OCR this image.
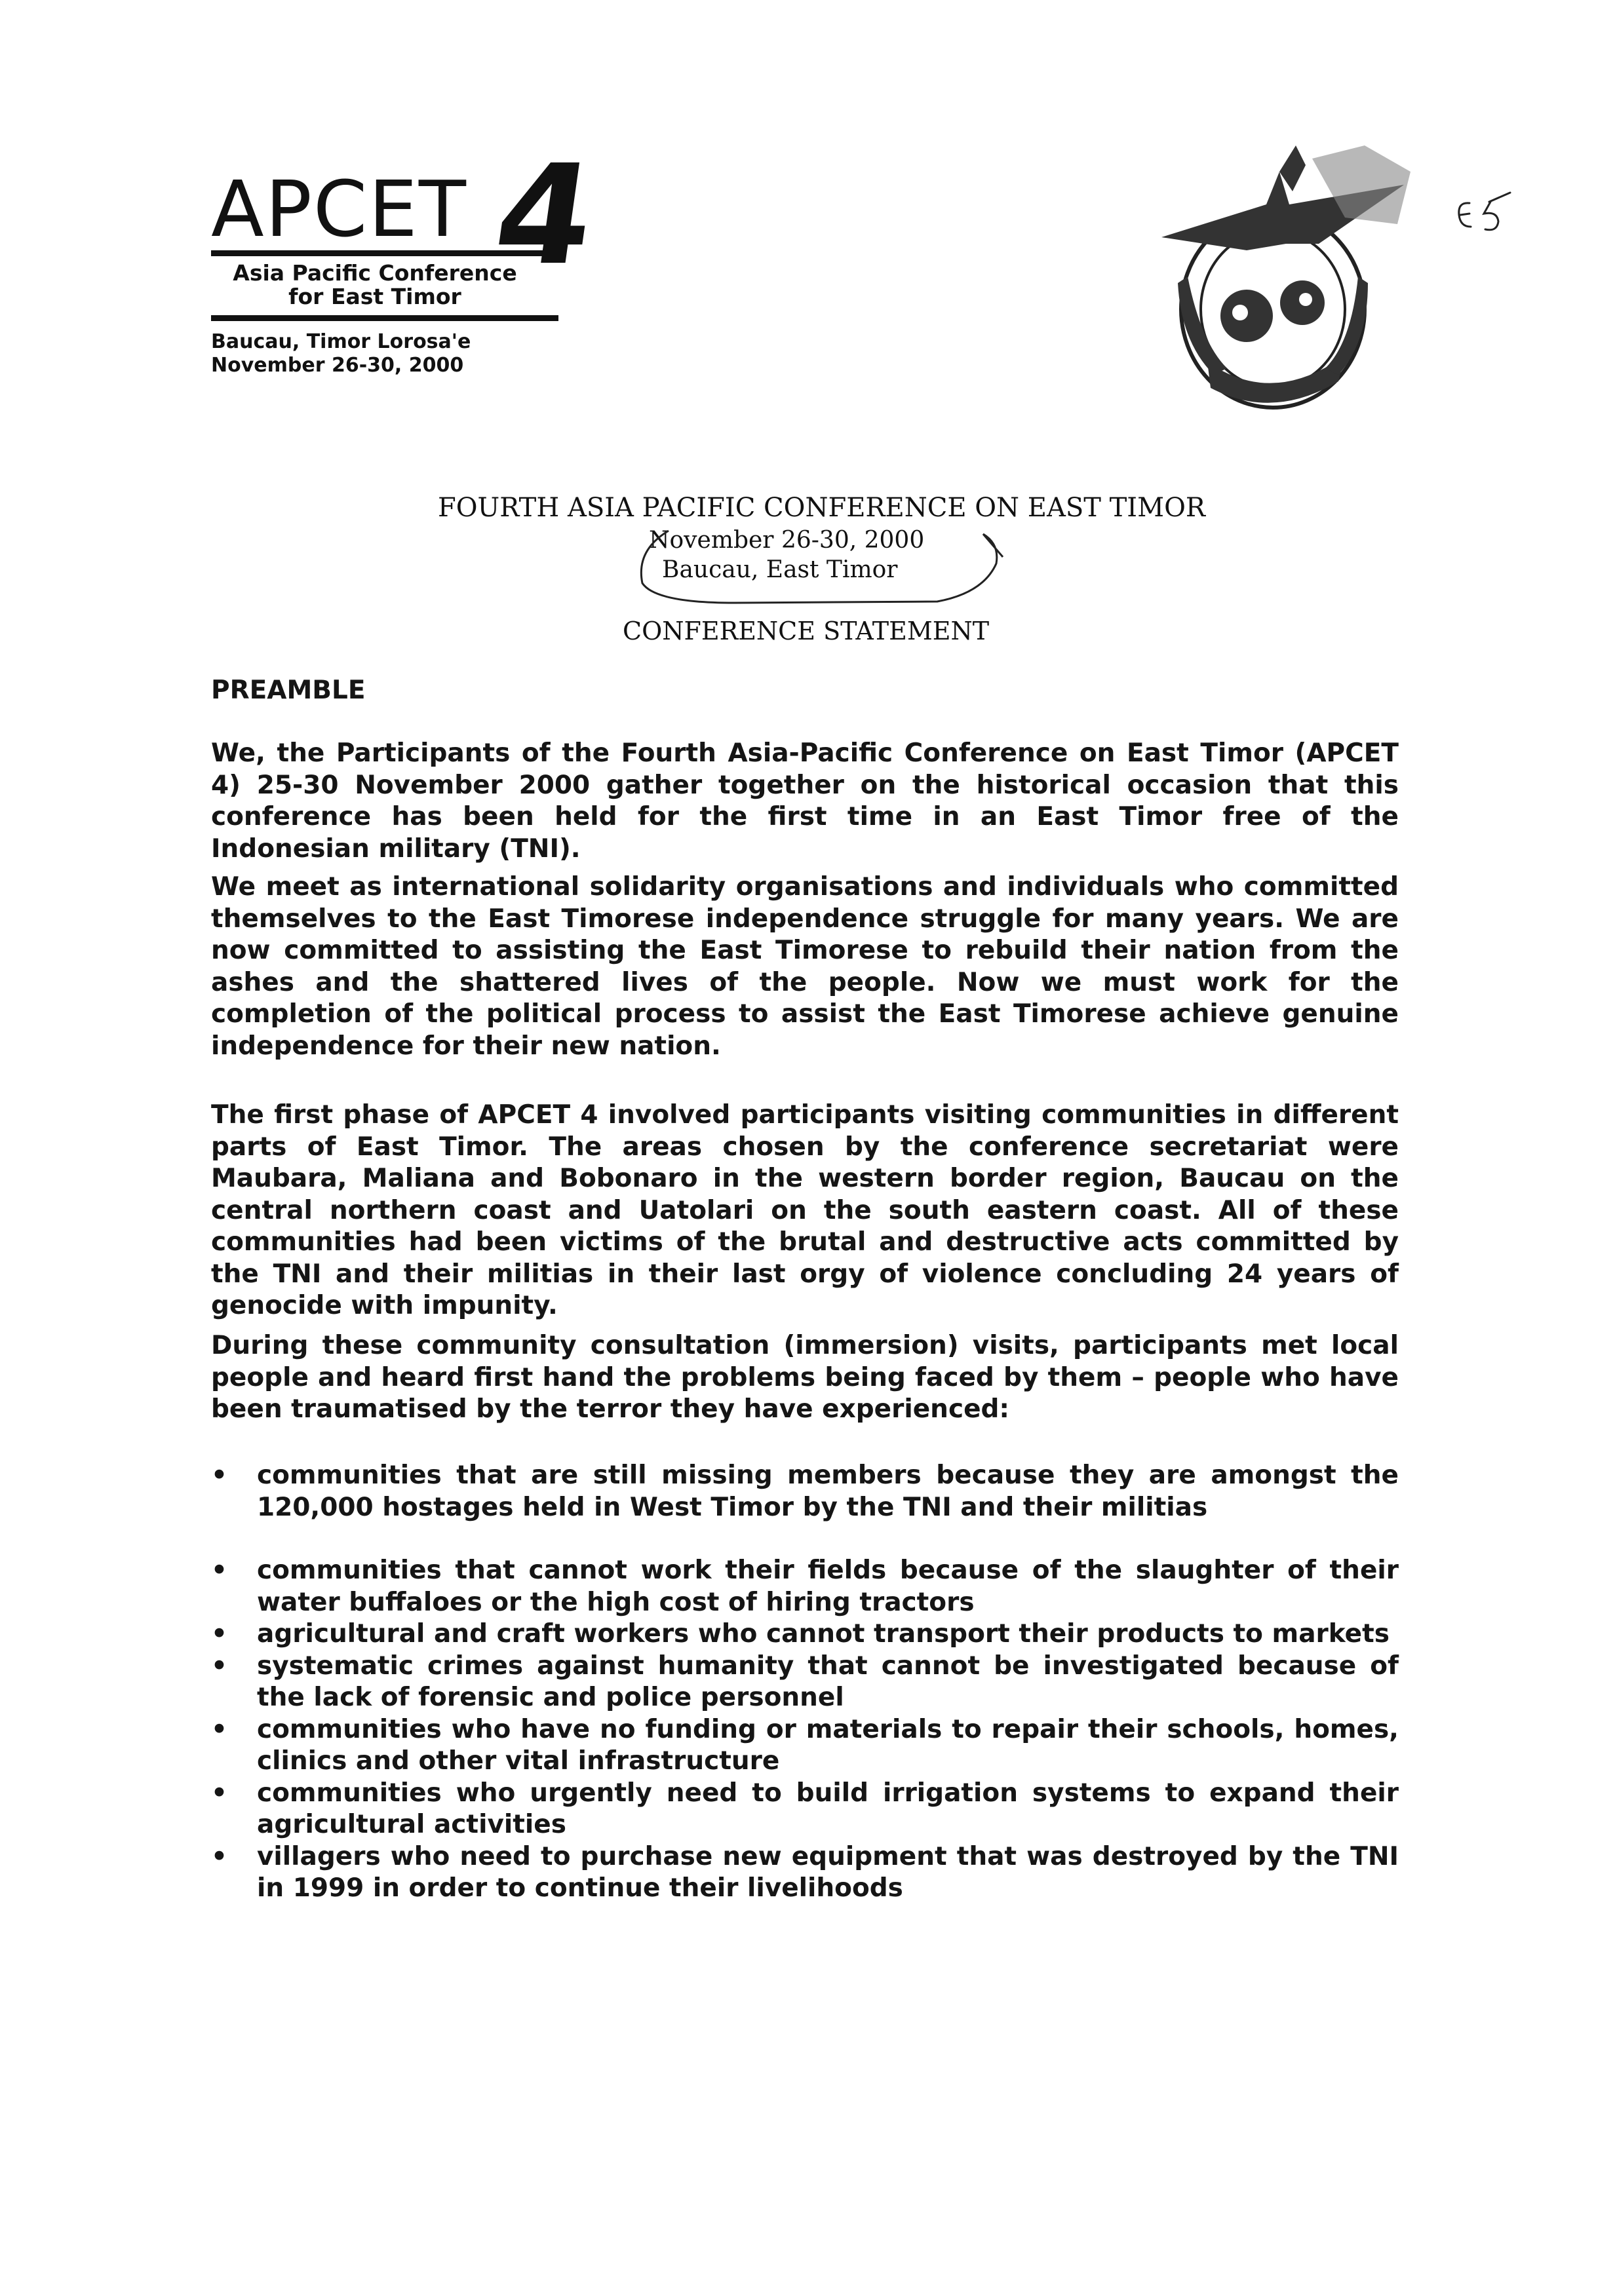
APCET 4
Asia Pacific Conference
for East Timor
Baucau, Timor Lorosa'e
November 26-30, 2000
FOURTH ASIA PACIFIC CONFERENCE ON EAST TIMOR
November 26-30, 2000
Baucau, East Timor
CONFERENCE STATEMENT
PREAMBLE

We, the Participants of the Fourth Asia-Pacific Conference on East Timor (APCET 4) 25-30 November 2000 gather together on the historical occasion that this conference has been held for the first time in an East Timor free of the Indonesian military (TNI).

We meet as international solidarity organisations and individuals who committed themselves to the East Timorese independence struggle for many years. We are now committed to assisting the East Timorese to rebuild their nation from the ashes and the shattered lives of the people. Now we must work for the completion of the political process to assist the East Timorese achieve genuine independence for their new nation.

The first phase of APCET 4 involved participants visiting communities in different parts of East Timor. The areas chosen by the conference secretariat were Maubara, Maliana and Bobonaro in the western border region, Baucau on the central northern coast and Uatolari on the south eastern coast. All of these communities had been victims of the brutal and destructive acts committed by the TNI and their militias in their last orgy of violence concluding 24 years of genocide with impunity.

During these community consultation (immersion) visits, participants met local people and heard first hand the problems being faced by them – people who have been traumatised by the terror they have experienced:

• communities that are still missing members because they are amongst the 120,000 hostages held in West Timor by the TNI and their militias
• communities that cannot work their fields because of the slaughter of their water buffaloes or the high cost of hiring tractors
• agricultural and craft workers who cannot transport their products to markets
• systematic crimes against humanity that cannot be investigated because of the lack of forensic and police personnel
• communities who have no funding or materials to repair their schools, homes, clinics and other vital infrastructure
• communities who urgently need to build irrigation systems to expand their agricultural activities
• villagers who need to purchase new equipment that was destroyed by the TNI in 1999 in order to continue their livelihoods
